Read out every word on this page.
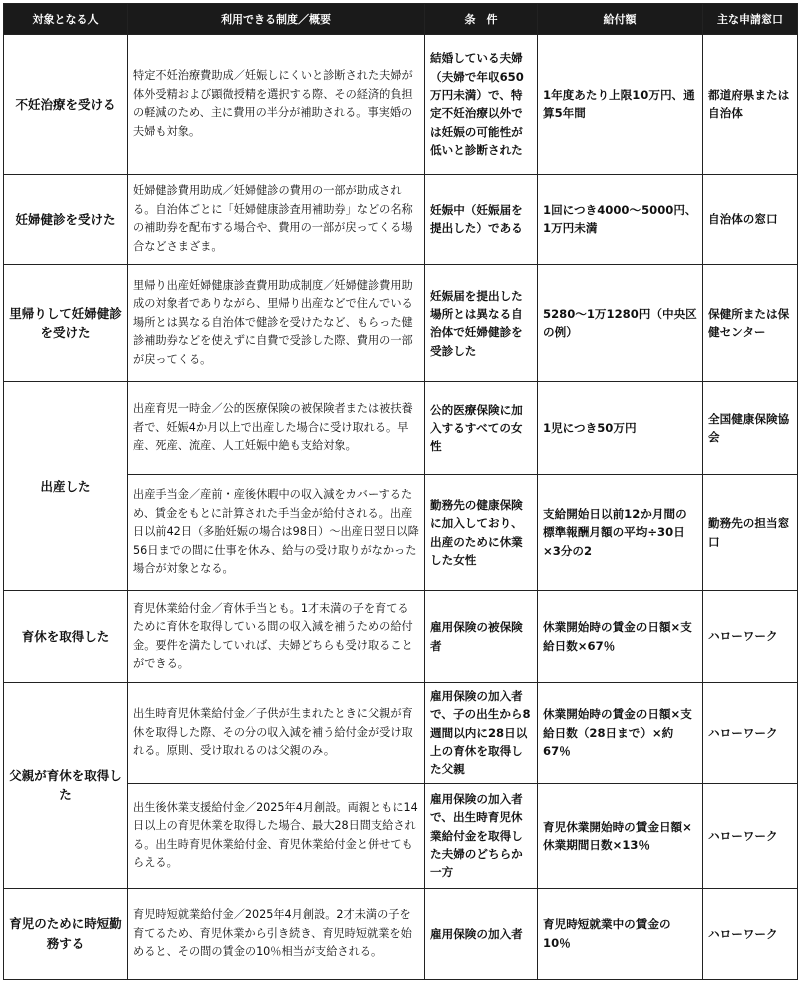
対象となる人	利用できる制度／概要	条　件	給付額	主な申請窓口
不妊治療を受ける	特定不妊治療費助成／妊娠しにくいと診断された夫婦が体外受精および顕微授精を選択する際、その経済的負担の軽減のため、主に費用の半分が補助される。事実婚の夫婦も対象。	結婚している夫婦（夫婦で年収650万円未満）で、特定不妊治療以外では妊娠の可能性が低いと診断された	1年度あたり上限10万円、通算5年間	都道府県または自治体
妊婦健診を受けた	妊婦健診費用助成／妊婦健診の費用の一部が助成される。自治体ごとに「妊婦健康診査用補助券」などの名称の補助券を配布する場合や、費用の一部が戻ってくる場合などさまざま。	妊娠中（妊娠届を提出した）である	1回につき4000～5000円、1万円未満	自治体の窓口
里帰りして妊婦健診を受けた	里帰り出産妊婦健康診査費用助成制度／妊婦健診費用助成の対象者でありながら、里帰り出産などで住んでいる場所とは異なる自治体で健診を受けたなど、もらった健診補助券などを使えずに自費で受診した際、費用の一部が戻ってくる。	妊娠届を提出した場所とは異なる自治体で妊婦健診を受診した	5280～1万1280円（中央区の例）	保健所または保健センター
出産した	出産育児一時金／公的医療保険の被保険者または被扶養者で、妊娠4か月以上で出産した場合に受け取れる。早産、死産、流産、人工妊娠中絶も支給対象。	公的医療保険に加入するすべての女性	1児につき50万円	全国健康保険協会
	出産手当金／産前・産後休暇中の収入減をカバーするため、賃金をもとに計算された手当金が給付される。出産日以前42日（多胎妊娠の場合は98日）～出産日翌日以降56日までの間に仕事を休み、給与の受け取りがなかった場合が対象となる。	勤務先の健康保険に加入しており、出産のために休業した女性	支給開始日以前12か月間の標準報酬月額の平均÷30日×3分の2	勤務先の担当窓口
育休を取得した	育児休業給付金／育休手当とも。1才未満の子を育てるために育休を取得している間の収入減を補うための給付金。要件を満たしていれば、夫婦どちらも受け取ることができる。	雇用保険の被保険者	休業開始時の賃金の日額×支給日数×67％	ハローワーク
父親が育休を取得した	出生時育児休業給付金／子供が生まれたときに父親が育休を取得した際、その分の収入減を補う給付金が受け取れる。原則、受け取れるのは父親のみ。	雇用保険の加入者で、子の出生から8週間以内に28日以上の育休を取得した父親	休業開始時の賃金の日額×支給日数（28日まで）×約67％	ハローワーク
	出生後休業支援給付金／2025年4月創設。両親ともに14日以上の育児休業を取得した場合、最大28日間支給される。出生時育児休業給付金、育児休業給付金と併せてもらえる。	雇用保険の加入者で、出生時育児休業給付金を取得した夫婦のどちらか一方	育児休業開始時の賃金日額×休業期間日数×13％	ハローワーク
育児のために時短勤務する	育児時短就業給付金／2025年4月創設。2才未満の子を育てるため、育児休業から引き続き、育児時短就業を始めると、その間の賃金の10％相当が支給される。	雇用保険の加入者	育児時短就業中の賃金の10％	ハローワーク
